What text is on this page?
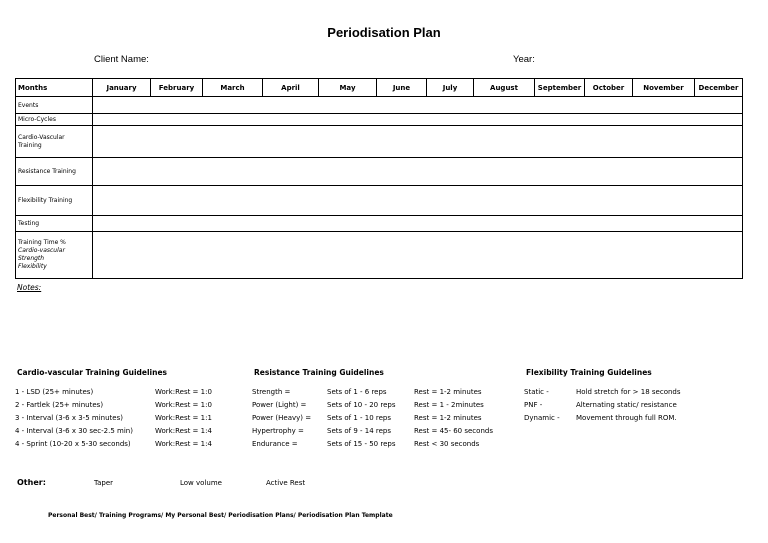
Periodisation Plan
Client Name:	Year:
Months	January	February	March	April	May	June	July	August	September	October	November	December
Events												
Micro-Cycles	
Cardio-Vascular Training												
Resistance Training												
Flexibility Training												
Testing												

Training Time %
Cardio-vascular
Strength
Flexibility												

Notes:
Cardio-vascular Training Guidelines
1 - LSD (25+ minutes)	Work:Rest = 1:0
2 - Fartlek (25+ minutes)	Work:Rest = 1:0
3 - Interval (3-6 x 3-5 minutes)	Work:Rest = 1:1
4 - Interval (3-6 x 30 sec-2.5 min)	Work:Rest = 1:4
4 - Sprint (10-20 x 5-30 seconds)	Work:Rest = 1:4
Resistance Training Guidelines
Strength =	Sets of 1 - 6 reps	Rest = 1-2 minutes
Power (Light) =	Sets of 10 - 20 reps	Rest = 1 - 2minutes
Power (Heavy) =	Sets of 1 - 10 reps	Rest = 1-2 minutes
Hypertrophy =	Sets of 9 - 14 reps	Rest = 45- 60 seconds
Endurance =	Sets of 15 - 50 reps	Rest < 30 seconds
Flexibility Training Guidelines
Static -	Hold stretch for > 18 seconds
PNF -	Alternating static/ resistance
Dynamic -	Movement through full ROM.
Other:	Taper	Low volume	Active Rest
Personal Best/ Training Programs/ My Personal Best/ Periodisation Plans/ Periodisation Plan Template
